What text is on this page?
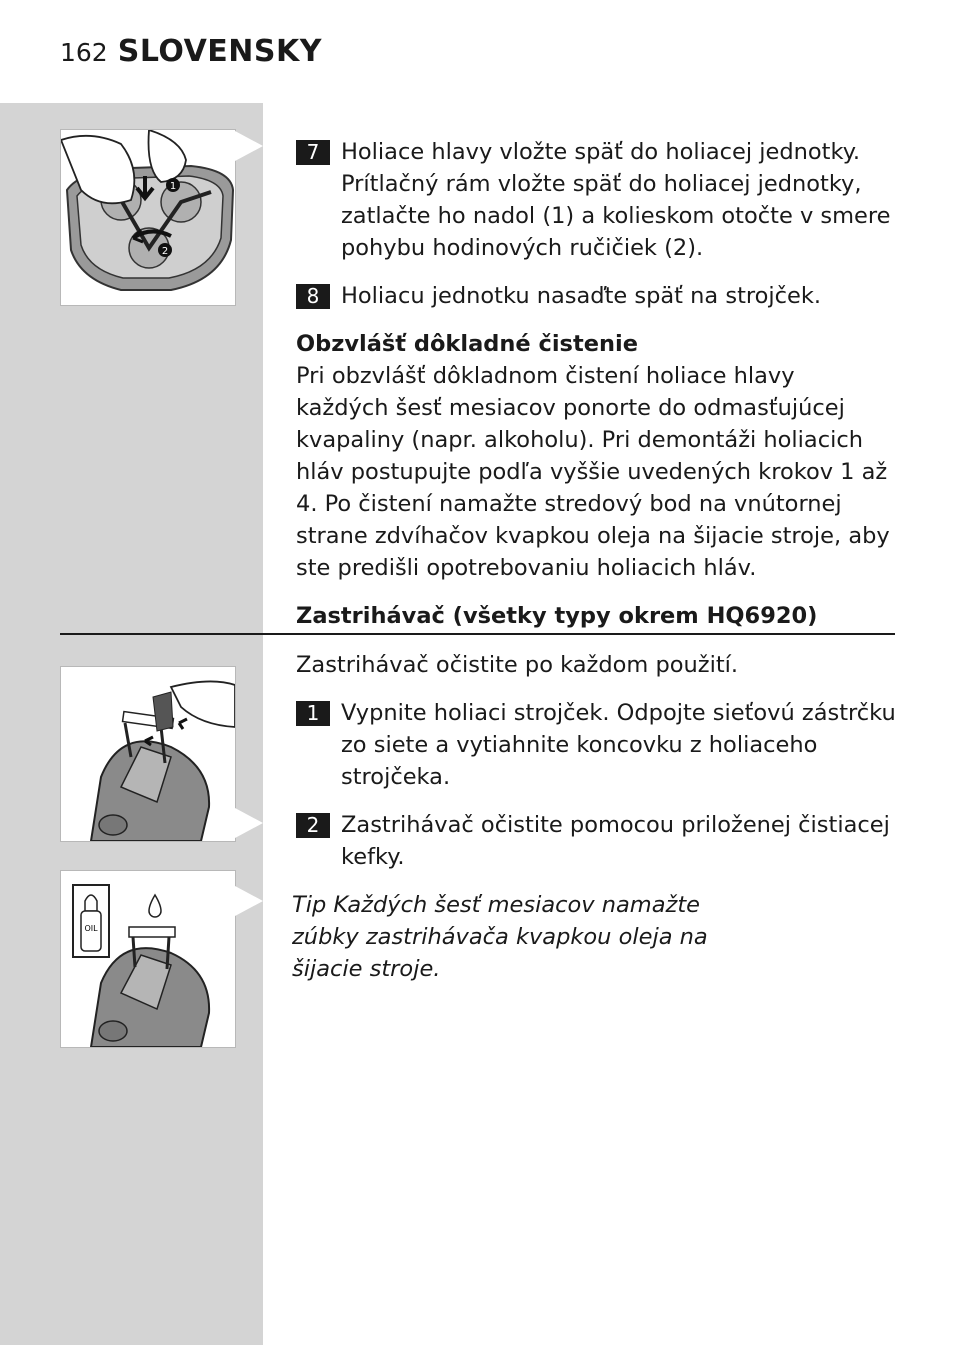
162 SLOVENSKY
1
2
OIL
7 Holiace hlavy vložte späť do holiacej jednotky. Prítlačný rám vložte späť do holiacej jednotky, zatlačte ho nadol (1) a kolieskom otočte v smere pohybu hodinových ručičiek (2).
8 Holiacu jednotku nasaďte späť na strojček.
Obzvlášť dôkladné čistenie
Pri obzvlášť dôkladnom čistení holiace hlavy každých šesť mesiacov ponorte do odmasťujúcej kvapaliny (napr. alkoholu). Pri demontáži holiacich hláv postupujte podľa vyššie uvedených krokov 1 až 4. Po čistení namažte stredový bod na vnútornej strane zdvíhačov kvapkou oleja na šijacie stroje, aby ste predišli opotrebovaniu holiacich hláv.
Zastrihávač (všetky typy okrem HQ6920)
Zastrihávač očistite po každom použití.
1 Vypnite holiaci strojček. Odpojte sieťovú zástrčku zo siete a vytiahnite koncovku z holiaceho strojčeka.
2 Zastrihávač očistite pomocou priloženej čistiacej kefky.
Tip Každých šesť mesiacov namažte zúbky zastrihávača kvapkou oleja na šijacie stroje.
